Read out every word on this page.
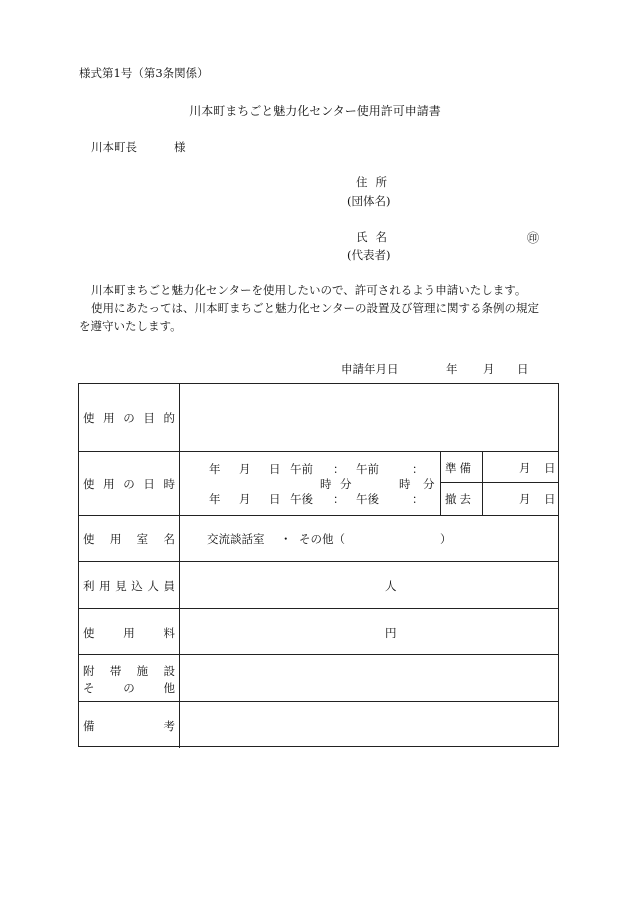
様式第1号（第3条関係）
川本町まちごと魅力化センター使用許可申請書
川本町長	様
住所
(団体名)
氏名	㊞
(代表者)
川本町まちごと魅力化センターを使用したいので、許可されるよう申請いたします。
使用にあたっては、川本町まちごと魅力化センターの設置及び管理に関する条例の規定
を遵守いたします。
申請年月日	年 月 日
使 用 の 目 的
使 用 の 日 時
年 月 日 午前 ： 午前	：
時 分	時 分
年 月 日 午後 ： 午後	：
準備	月 日
撤去	月 日
使 用 室 名	交流談話室 ・ その他（	）
利 用 見 込 人 員	人
使	用	料	円
附 帯 施 設
そ	の	他
備	考
